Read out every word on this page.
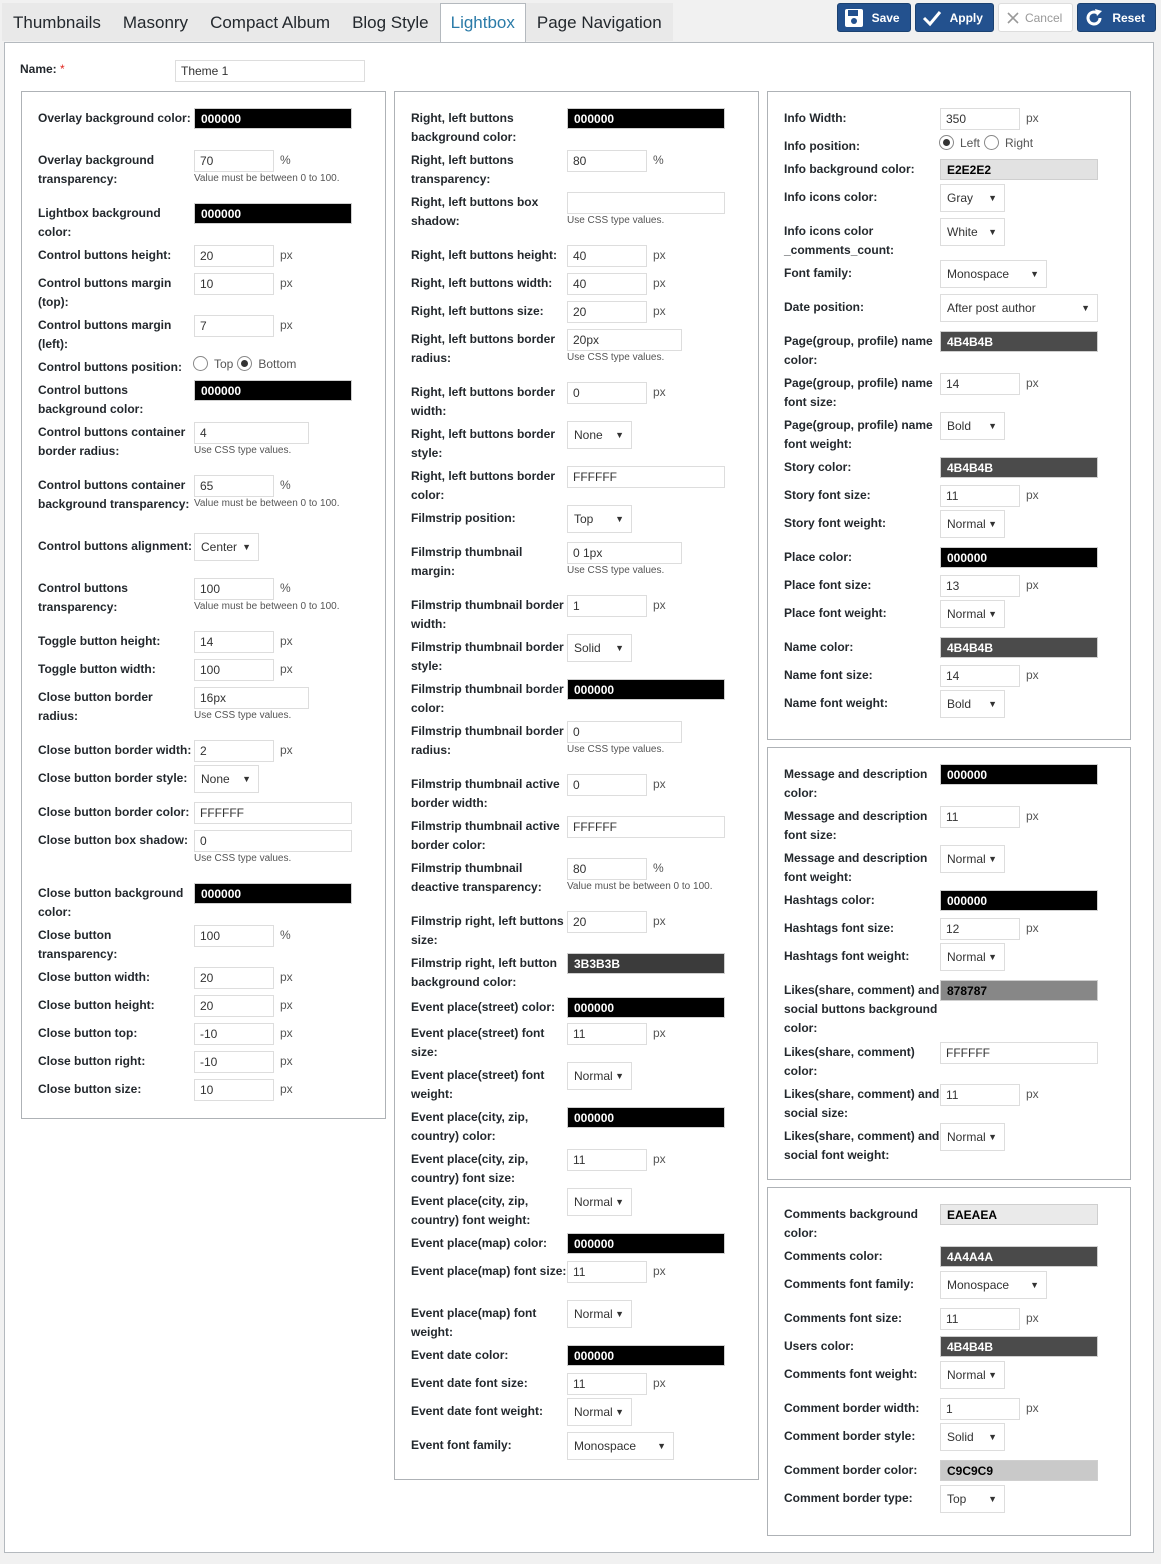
Thumbnails	Masonry	Compact Album	Blog Style	Lightbox	Page Navigation	Save	Apply	Cancel	Reset
Name: *	Theme 1
Overlay background color: 000000
Overlay background transparency:
70	%
Value must be between 0 to 100.
Lightbox background color:
000000
Control buttons height:	20	px
Control buttons margin (top):
10	px
Control buttons margin (left):
7	px
Control buttons position:	Top Bottom
Control buttons background color:
000000
Control buttons container border radius:
4
Use CSS type values.
Control buttons container background transparency:
65	%
Value must be between 0 to 100.
Control buttons alignment: Center ▼
Control buttons transparency:
100	%
Value must be between 0 to 100.
Toggle button height:	14	px
Toggle button width:	100	px
Close button border radius:
16px
Use CSS type values.
Close button border width: 2	px
Close button border style:	None ▼
Close button border color: FFFFFF
Close button box shadow:	0
Use CSS type values.
Close button background color:
000000
Close button transparency:
100	%
Close button width:	20	px
Close button height:	20	px
Close button top:	-10	px
Close button right:	-10	px
Close button size:	10	px
Right, left buttons background color:
000000
Right, left buttons transparency:
80	%
Right, left buttons box shadow:	Use CSS type values.
Right, left buttons height:	40	px
Right, left buttons width:	40	px
Right, left buttons size:	20	px
Right, left buttons border radius:
20px
Use CSS type values.
Right, left buttons border width:
0	px
Right, left buttons border style:
None ▼
Right, left buttons border color:
FFFFFF
Filmstrip position:	Top ▼
Filmstrip thumbnail margin:
0 1px
Use CSS type values.
Filmstrip thumbnail border width:
1	px
Filmstrip thumbnail border style:
Solid ▼
Filmstrip thumbnail border color:
000000
Filmstrip thumbnail border radius:
0
Use CSS type values.
Filmstrip thumbnail active border width:
0	px
Filmstrip thumbnail active border color:
FFFFFF
Filmstrip thumbnail deactive transparency:
80	%
Value must be between 0 to 100.
Filmstrip right, left buttons size:
20	px
Filmstrip right, left button background color:
3B3B3B
Event place(street) color:	000000
Event place(street) font size:
11	px
Event place(street) font weight:
Normal ▼
Event place(city, zip, country) color:
000000
Event place(city, zip, country) font size:
11	px
Event place(city, zip, country) font weight:
Normal ▼
Event place(map) color:	000000
Event place(map) font size: 11	px
Event place(map) font weight:
Normal ▼
Event date color:	000000
Event date font size:	11	px
Event date font weight:	Normal ▼
Event font family:	Monospace ▼
Info Width:	350	px
Info position:	Left Right
Info background color:	E2E2E2
Info icons color:	Gray ▼
Info icons color _comments_count:
White ▼
Font family:	Monospace ▼
Date position:	After post author	▼
Page(group, profile) name color:
4B4B4B
Page(group, profile) name font size:
14	px
Page(group, profile) name font weight:
Bold ▼
Story color:	4B4B4B
Story font size:	11	px
Story font weight:	Normal ▼
Place color:	000000
Place font size:	13	px
Place font weight:	Normal ▼
Name color:	4B4B4B
Name font size:	14	px
Name font weight:	Bold ▼
Message and description color:
000000
Message and description font size:
11	px
Message and description font weight:
Normal ▼
Hashtags color:	000000
Hashtags font size:	12	px
Hashtags font weight:	Normal ▼
Likes(share, comment) and social buttons background color:
878787
Likes(share, comment) color:
FFFFFF
Likes(share, comment) and social size:
11	px
Likes(share, comment) and social font weight:
Normal ▼
Comments background color:
EAEAEA
Comments color:	4A4A4A
Comments font family:	Monospace ▼
Comments font size:	11	px
Users color:	4B4B4B
Comments font weight:	Normal ▼
Comment border width:	1	px
Comment border style:	Solid ▼
Comment border color:	C9C9C9
Comment border type:	Top ▼
